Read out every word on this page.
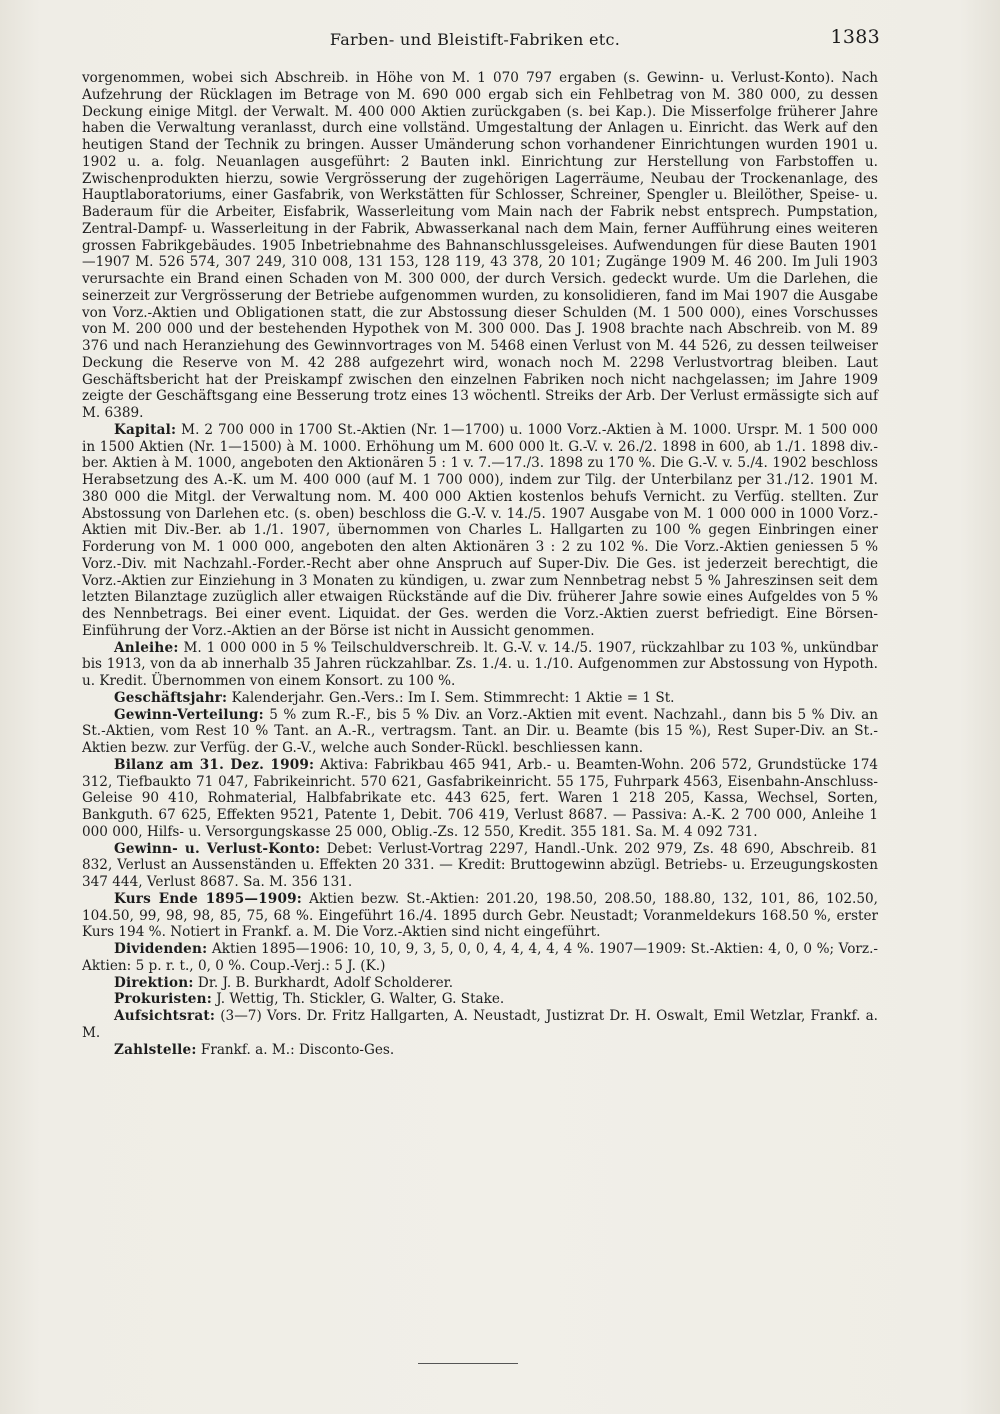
Farben- und Bleistift-Fabriken etc.	1383

vorgenommen, wobei sich Abschreib. in Höhe von M. 1 070 797 ergaben (s. Gewinn- u. Verlust-Konto). Nach Aufzehrung der Rücklagen im Betrage von M. 690 000 ergab sich ein Fehlbetrag von M. 380 000, zu dessen Deckung einige Mitgl. der Verwalt. M. 400 000 Aktien zurückgaben (s. bei Kap.). Die Misserfolge früherer Jahre haben die Verwaltung veranlasst, durch eine vollständ. Umgestaltung der Anlagen u. Einricht. das Werk auf den heutigen Stand der Technik zu bringen. Ausser Umänderung schon vorhandener Einrichtungen wurden 1901 u. 1902 u. a. folg. Neuanlagen ausgeführt: 2 Bauten inkl. Einrichtung zur Herstellung von Farbstoffen u. Zwischenprodukten hierzu, sowie Vergrösserung der zugehörigen Lagerräume, Neubau der Trockenanlage, des Hauptlaboratoriums, einer Gasfabrik, von Werkstätten für Schlosser, Schreiner, Spengler u. Bleilöther, Speise- u. Baderaum für die Arbeiter, Eisfabrik, Wasserleitung vom Main nach der Fabrik nebst entsprech. Pumpstation, Zentral-Dampf- u. Wasserleitung in der Fabrik, Abwasserkanal nach dem Main, ferner Aufführung eines weiteren grossen Fabrikgebäudes. 1905 Inbetriebnahme des Bahnanschlussgeleises. Aufwendungen für diese Bauten 1901—1907 M. 526 574, 307 249, 310 008, 131 153, 128 119, 43 378, 20 101; Zugänge 1909 M. 46 200. Im Juli 1903 verursachte ein Brand einen Schaden von M. 300 000, der durch Versich. gedeckt wurde. Um die Darlehen, die seinerzeit zur Vergrösserung der Betriebe aufgenommen wurden, zu konsolidieren, fand im Mai 1907 die Ausgabe von Vorz.-Aktien und Obligationen statt, die zur Abstossung dieser Schulden (M. 1 500 000), eines Vorschusses von M. 200 000 und der bestehenden Hypothek von M. 300 000. Das J. 1908 brachte nach Abschreib. von M. 89 376 und nach Heranziehung des Gewinnvortrages von M. 5468 einen Verlust von M. 44 526, zu dessen teilweiser Deckung die Reserve von M. 42 288 aufgezehrt wird, wonach noch M. 2298 Verlustvortrag bleiben. Laut Geschäftsbericht hat der Preiskampf zwischen den einzelnen Fabriken noch nicht nachgelassen; im Jahre 1909 zeigte der Geschäftsgang eine Besserung trotz eines 13 wöchentl. Streiks der Arb. Der Verlust ermässigte sich auf M. 6389.

Kapital: M. 2 700 000 in 1700 St.-Aktien (Nr. 1—1700) u. 1000 Vorz.-Aktien à M. 1000. Urspr. M. 1 500 000 in 1500 Aktien (Nr. 1—1500) à M. 1000. Erhöhung um M. 600 000 lt. G.-V. v. 26./2. 1898 in 600, ab 1./1. 1898 div.-ber. Aktien à M. 1000, angeboten den Aktionären 5 : 1 v. 7.—17./3. 1898 zu 170 %. Die G.-V. v. 5./4. 1902 beschloss Herabsetzung des A.-K. um M. 400 000 (auf M. 1 700 000), indem zur Tilg. der Unterbilanz per 31./12. 1901 M. 380 000 die Mitgl. der Verwaltung nom. M. 400 000 Aktien kostenlos behufs Vernicht. zu Verfüg. stellten. Zur Abstossung von Darlehen etc. (s. oben) beschloss die G.-V. v. 14./5. 1907 Ausgabe von M. 1 000 000 in 1000 Vorz.-Aktien mit Div.-Ber. ab 1./1. 1907, übernommen von Charles L. Hallgarten zu 100 % gegen Einbringen einer Forderung von M. 1 000 000, angeboten den alten Aktionären 3 : 2 zu 102 %. Die Vorz.-Aktien geniessen 5 % Vorz.-Div. mit Nachzahl.-Forder.-Recht aber ohne Anspruch auf Super-Div. Die Ges. ist jederzeit berechtigt, die Vorz.-Aktien zur Einziehung in 3 Monaten zu kündigen, u. zwar zum Nennbetrag nebst 5 % Jahreszinsen seit dem letzten Bilanztage zuzüglich aller etwaigen Rückstände auf die Div. früherer Jahre sowie eines Aufgeldes von 5 % des Nennbetrags. Bei einer event. Liquidat. der Ges. werden die Vorz.-Aktien zuerst befriedigt. Eine Börsen-Einführung der Vorz.-Aktien an der Börse ist nicht in Aussicht genommen.

Anleihe: M. 1 000 000 in 5 % Teilschuldverschreib. lt. G.-V. v. 14./5. 1907, rückzahlbar zu 103 %, unkündbar bis 1913, von da ab innerhalb 35 Jahren rückzahlbar. Zs. 1./4. u. 1./10. Aufgenommen zur Abstossung von Hypoth. u. Kredit. Übernommen von einem Konsort. zu 100 %.

Geschäftsjahr: Kalenderjahr. Gen.-Vers.: Im I. Sem. Stimmrecht: 1 Aktie = 1 St.

Gewinn-Verteilung: 5 % zum R.-F., bis 5 % Div. an Vorz.-Aktien mit event. Nachzahl., dann bis 5 % Div. an St.-Aktien, vom Rest 10 % Tant. an A.-R., vertragsm. Tant. an Dir. u. Beamte (bis 15 %), Rest Super-Div. an St.-Aktien bezw. zur Verfüg. der G.-V., welche auch Sonder-Rückl. beschliessen kann.

Bilanz am 31. Dez. 1909: Aktiva: Fabrikbau 465 941, Arb.- u. Beamten-Wohn. 206 572, Grundstücke 174 312, Tiefbaukto 71 047, Fabrikeinricht. 570 621, Gasfabrikeinricht. 55 175, Fuhrpark 4563, Eisenbahn-Anschluss-Geleise 90 410, Rohmaterial, Halbfabrikate etc. 443 625, fert. Waren 1 218 205, Kassa, Wechsel, Sorten, Bankguth. 67 625, Effekten 9521, Patente 1, Debit. 706 419, Verlust 8687. — Passiva: A.-K. 2 700 000, Anleihe 1 000 000, Hilfs- u. Versorgungskasse 25 000, Oblig.-Zs. 12 550, Kredit. 355 181. Sa. M. 4 092 731.

Gewinn- u. Verlust-Konto: Debet: Verlust-Vortrag 2297, Handl.-Unk. 202 979, Zs. 48 690, Abschreib. 81 832, Verlust an Aussenständen u. Effekten 20 331. — Kredit: Bruttogewinn abzügl. Betriebs- u. Erzeugungskosten 347 444, Verlust 8687. Sa. M. 356 131.

Kurs Ende 1895—1909: Aktien bezw. St.-Aktien: 201.20, 198.50, 208.50, 188.80, 132, 101, 86, 102.50, 104.50, 99, 98, 98, 85, 75, 68 %. Eingeführt 16./4. 1895 durch Gebr. Neustadt; Voranmeldekurs 168.50 %, erster Kurs 194 %. Notiert in Frankf. a. M. Die Vorz.-Aktien sind nicht eingeführt.

Dividenden: Aktien 1895—1906: 10, 10, 9, 3, 5, 0, 0, 4, 4, 4, 4, 4 %. 1907—1909: St.-Aktien: 4, 0, 0 %; Vorz.-Aktien: 5 p. r. t., 0, 0 %. Coup.-Verj.: 5 J. (K.)

Direktion: Dr. J. B. Burkhardt, Adolf Scholderer.

Prokuristen: J. Wettig, Th. Stickler, G. Walter, G. Stake.

Aufsichtsrat: (3—7) Vors. Dr. Fritz Hallgarten, A. Neustadt, Justizrat Dr. H. Oswalt, Emil Wetzlar, Frankf. a. M.

Zahlstelle: Frankf. a. M.: Disconto-Ges.
